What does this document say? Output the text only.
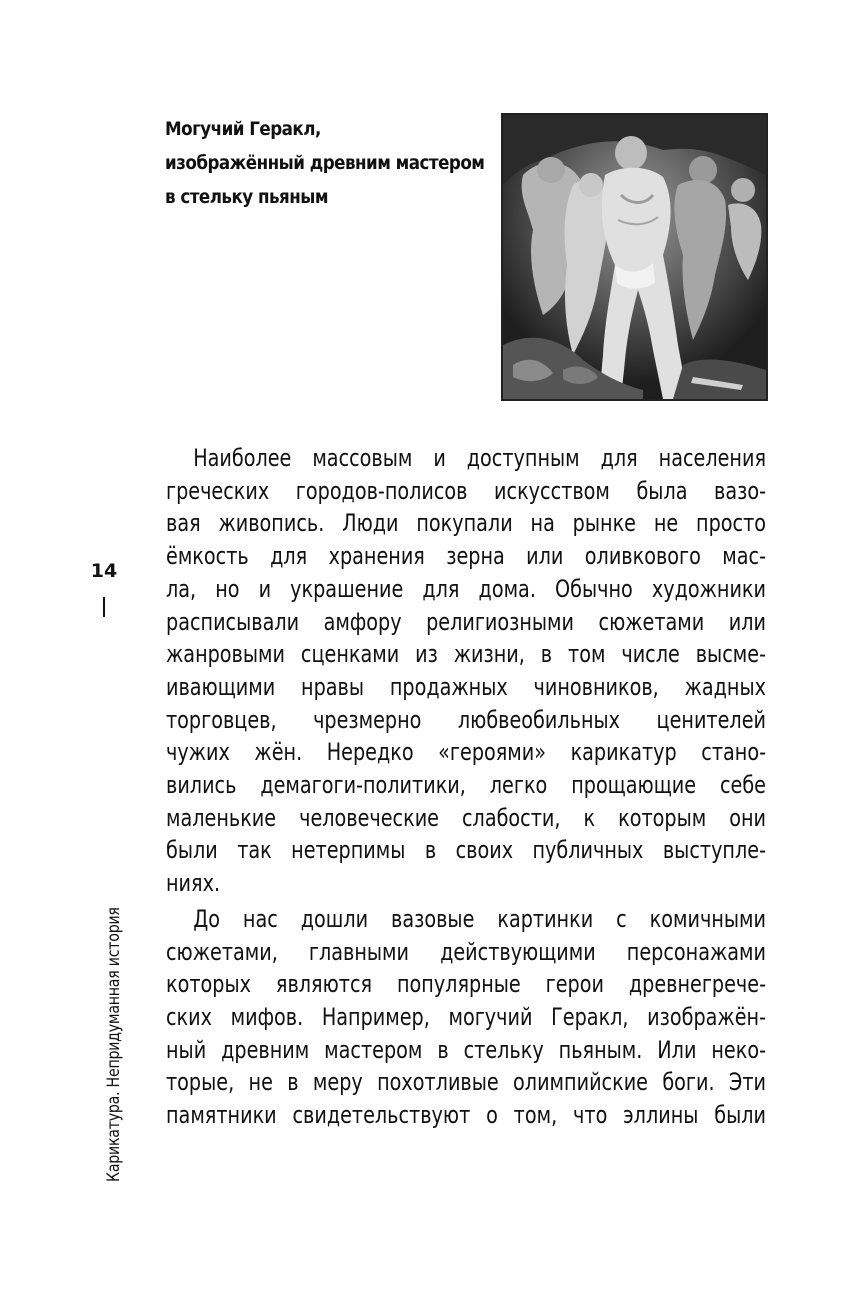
Могучий Геракл,
изображённый древним мастером
в стельку пьяным
Наиболее массовым и доступным для населения
греческих городов-полисов искусством была вазо-
вая живопись. Люди покупали на рынке не просто
ёмкость для хранения зерна или оливкового мас-
ла, но и украшение для дома. Обычно художники
расписывали амфору религиозными сюжетами или
жанровыми сценками из жизни, в том числе высме-
ивающими нравы продажных чиновников, жадных
торговцев, чрезмерно любвеобильных ценителей
чужих жён. Нередко «героями» карикатур стано-
вились демагоги-политики, легко прощающие себе
маленькие человеческие слабости, к которым они
были так нетерпимы в своих публичных выступле-
ниях.
До нас дошли вазовые картинки с комичными
сюжетами, главными действующими персонажами
которых являются популярные герои древнегрече-
ских мифов. Например, могучий Геракл, изображён-
ный древним мастером в стельку пьяным. Или неко-
торые, не в меру похотливые олимпийские боги. Эти
памятники свидетельствуют о том, что эллины были
14
Карикатура. Непридуманная история
